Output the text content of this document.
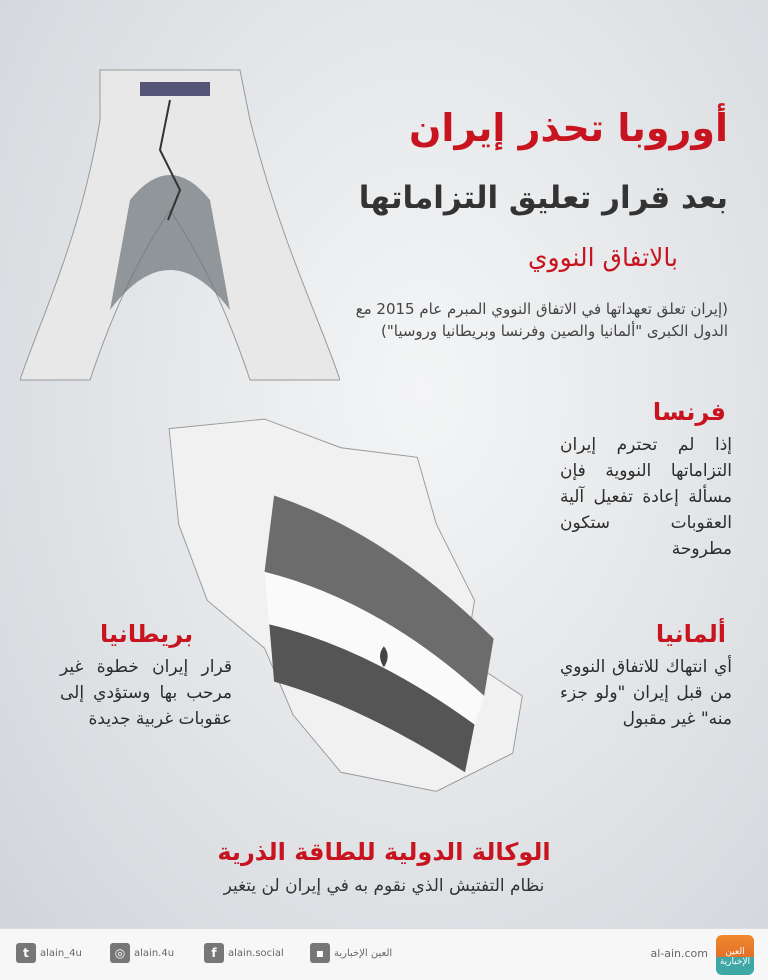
أوروبا تحذر إيران
بعد قرار تعليق التزاماتها
بالاتفاق النووي
(إيران تعلق تعهداتها في الاتفاق النووي المبرم عام 2015 مع الدول الكبرى "ألمانيا والصين وفرنسا وبريطانيا وروسيا")
فرنسا
إذا لم تحترم إيران التزاماتها النووية فإن مسألة إعادة تفعيل آلية العقوبات ستكون مطروحة
ألمانيا
أي انتهاك للاتفاق النووي من قبل إيران "ولو جزء منه" غير مقبول
بريطانيا
قرار إيران خطوة غير مرحب بها وستؤدي إلى عقوبات غربية جديدة
الوكالة الدولية للطاقة الذرية
نظام التفتيش الذي نقوم به في إيران لن يتغير
t	alain_4u	◎ alain.4u	f	alain.social	▪ العين الإخبارية	al-ain.com	العين الإخبارية
